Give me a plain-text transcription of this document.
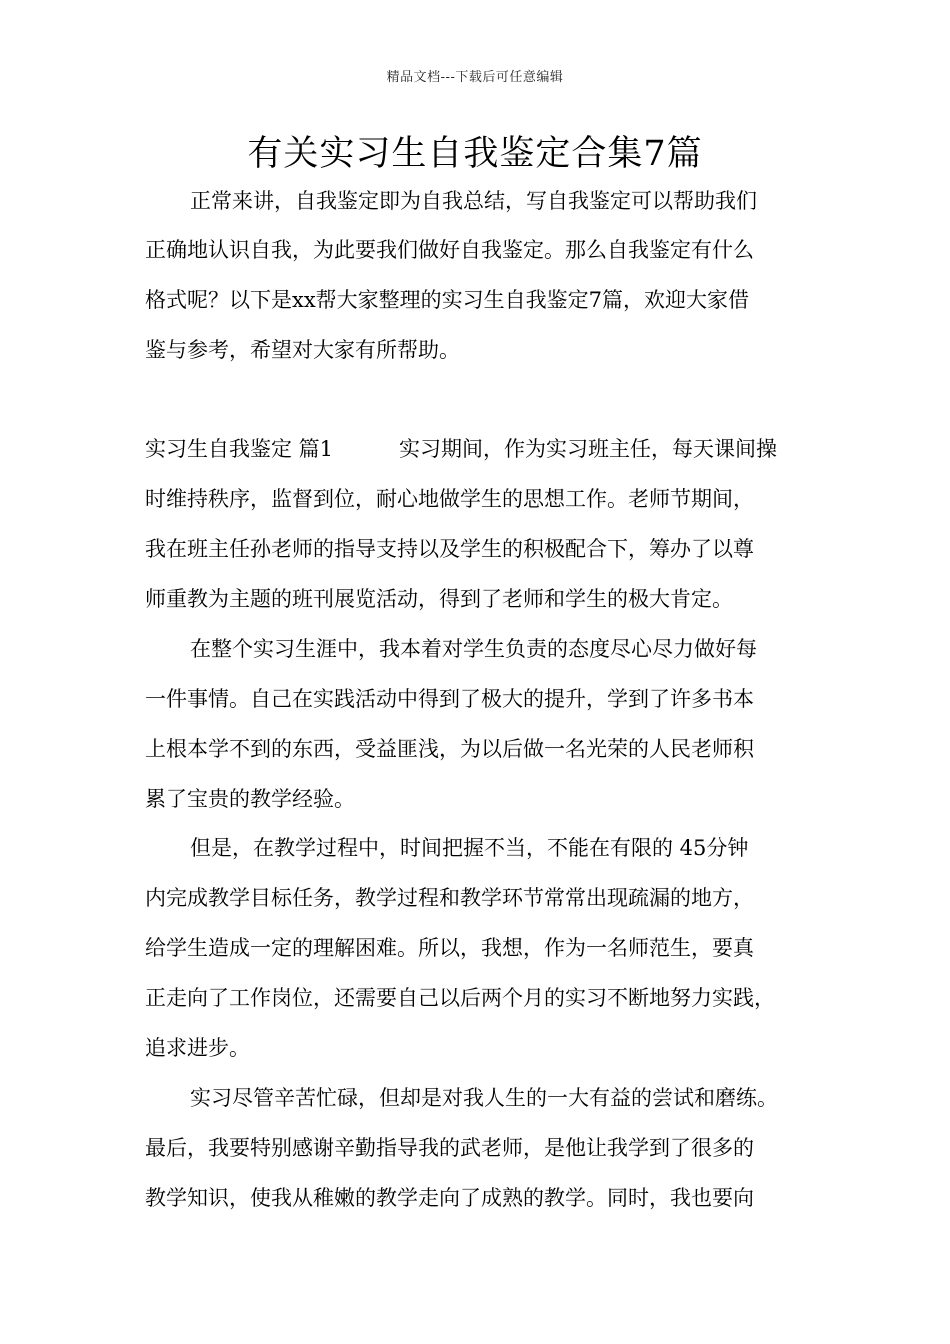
精品文档---下载后可任意编辑
有关实习生自我鉴定合集7篇

正常来讲，自我鉴定即为自我总结，写自我鉴定可以帮助我们

正确地认识自我，为此要我们做好自我鉴定。那么自我鉴定有什么

格式呢？以下是xx帮大家整理的实习生自我鉴定7篇，欢迎大家借

鉴与参考，希望对大家有所帮助。

实习生自我鉴定 篇1	实习期间，作为实习班主任，每天课间操

时维持秩序，监督到位，耐心地做学生的思想工作。老师节期间，

我在班主任孙老师的指导支持以及学生的积极配合下，筹办了以尊

师重教为主题的班刊展览活动，得到了老师和学生的极大肯定。

在整个实习生涯中，我本着对学生负责的态度尽心尽力做好每

一件事情。自己在实践活动中得到了极大的提升，学到了许多书本

上根本学不到的东西，受益匪浅，为以后做一名光荣的人民老师积

累了宝贵的教学经验。

但是，在教学过程中，时间把握不当，不能在有限的 45分钟

内完成教学目标任务，教学过程和教学环节常常出现疏漏的地方，

给学生造成一定的理解困难。所以，我想，作为一名师范生，要真

正走向了工作岗位，还需要自己以后两个月的实习不断地努力实践，

追求进步。

实习尽管辛苦忙碌，但却是对我人生的一大有益的尝试和磨练。

最后，我要特别感谢辛勤指导我的武老师，是他让我学到了很多的

教学知识，使我从稚嫩的教学走向了成熟的教学。同时，我也要向
